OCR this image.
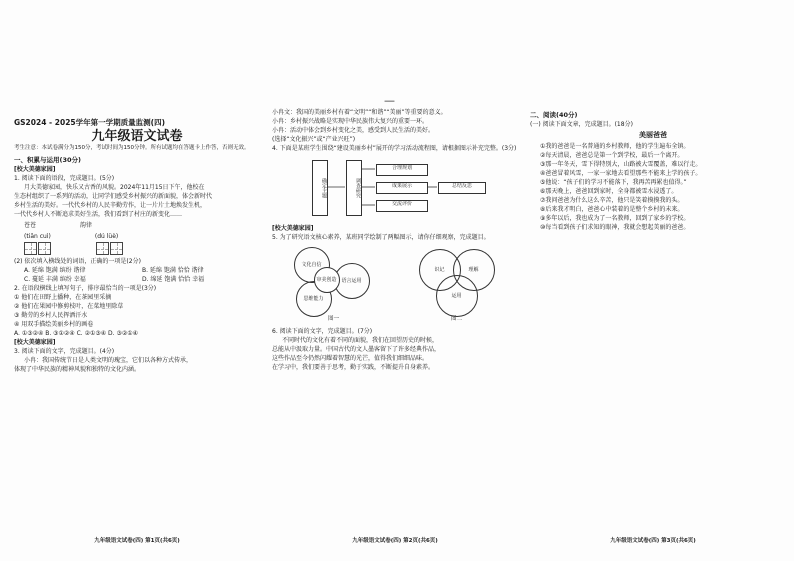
—
GS2024 - 2025学年第一学期质量监测(四)
九年级语文试卷
考生注意：本试卷满分为150分，考试时间为150分钟。所有试题均在答题卡上作答，否则无效。
一、积累与运用(30分)
[校大美德家园]
1. 阅读下面的语段，完成题目。(5分)
月大美德家园，快乐又古香的风貌。2024年11月15日下午，他校在
生态村组织了一系列的活动，让同学们感受乡村振兴的新面貌，体会新时代
乡村生活的美好。一代代乡村的人民辛勤劳作，让一片片土地焕发生机，
一代代乡村人不断追求美好生活，我们看到了村庄的新变化……
苍苍	韵律
(tiān cuì)	(dú lüè)
(2) 依次填入横线处的词语，正确的一项是(2分)
A. 延绵 饱满 缤纷 谐律	B. 延绵 饱满 恰恰 谐律
C. 蔓延 丰满 缤纷 幸福	D. 绵延 饱满 恰恰 幸福
2. 在语段横线上填写句子，排序最恰当的一项是(3分)
① 他们在田野上播种，在茶园里采摘
② 他们在果园中修剪枝叶，在菜地里除草
③ 勤劳的乡村人民挥洒汗水
④ 用双手描绘美丽乡村的画卷
A. ①③②④ B. ③①②④ C. ②①③④ D. ③②①④
[校大美德家园]
3. 阅读下面的文字，完成题目。(4分)
小冉：我国传统节日是人类文明的瑰宝，它们以各种方式传承，
体现了中华民族的精神风貌和独特的文化内涵。
九年级语文试卷(四) 第1页(共6页)
小冉文：我国的美丽乡村有着“文明”“和谐”“美丽”等重要的意义。
小冉：乡村振兴战略是实现中华民族伟大复兴的重要一环。
小冉：活动中体会到乡村变化之美，感受到人民生活的美好。
(选择“文化振兴”或“产业兴旺”)
4. 下面是某班学生围绕“建设美丽乡村”展开的学习活动流程图，请根据图示补充完整。(3分)
确定主题	调查研究
合理规划
成果展示
交流评价
总结反思
[校大美德家园]
5. 为了研究语文核心素养，某班同学绘制了两幅图示，请你仔细观察，完成题目。
文化自信
语言运用
思维能力
审美创造
图一
识记	理解
运用
图二
6. 阅读下面的文字，完成题目。(7分)
不同时代的文化有着不同的面貌，我们在回望历史的时候，
总能从中汲取力量。中国古代的文人墨客留下了许多经典作品，
这些作品至今仍然闪耀着智慧的光芒，值得我们细细品味。
在学习中，我们要善于思考，勤于实践，不断提升自身素养。
九年级语文试卷(四) 第2页(共6页)
二、阅读(40分)
(一) 阅读下面文章，完成题目。(18分)
美丽爸爸
①我的爸爸是一名普通的乡村教师，他的学生遍布全镇。
②每天清晨，爸爸总是第一个到学校，最后一个离开。
③那一年冬天，雪下得特别大，山路被大雪覆盖，难以行走。
④爸爸冒着风雪，一家一家地去看望那些不能来上学的孩子。
⑤他说：“孩子们的学习不能落下，我再苦再累也值得。”
⑥那天晚上，爸爸回到家时，全身都被雪水浸透了。
⑦我问爸爸为什么这么辛苦，他只是笑着摸摸我的头。
⑧后来我才明白，爸爸心中装着的是整个乡村的未来。
⑨多年以后，我也成为了一名教师，回到了家乡的学校。
⑩每当看到孩子们求知的眼神，我就会想起美丽的爸爸。
九年级语文试卷(四) 第3页(共6页)
